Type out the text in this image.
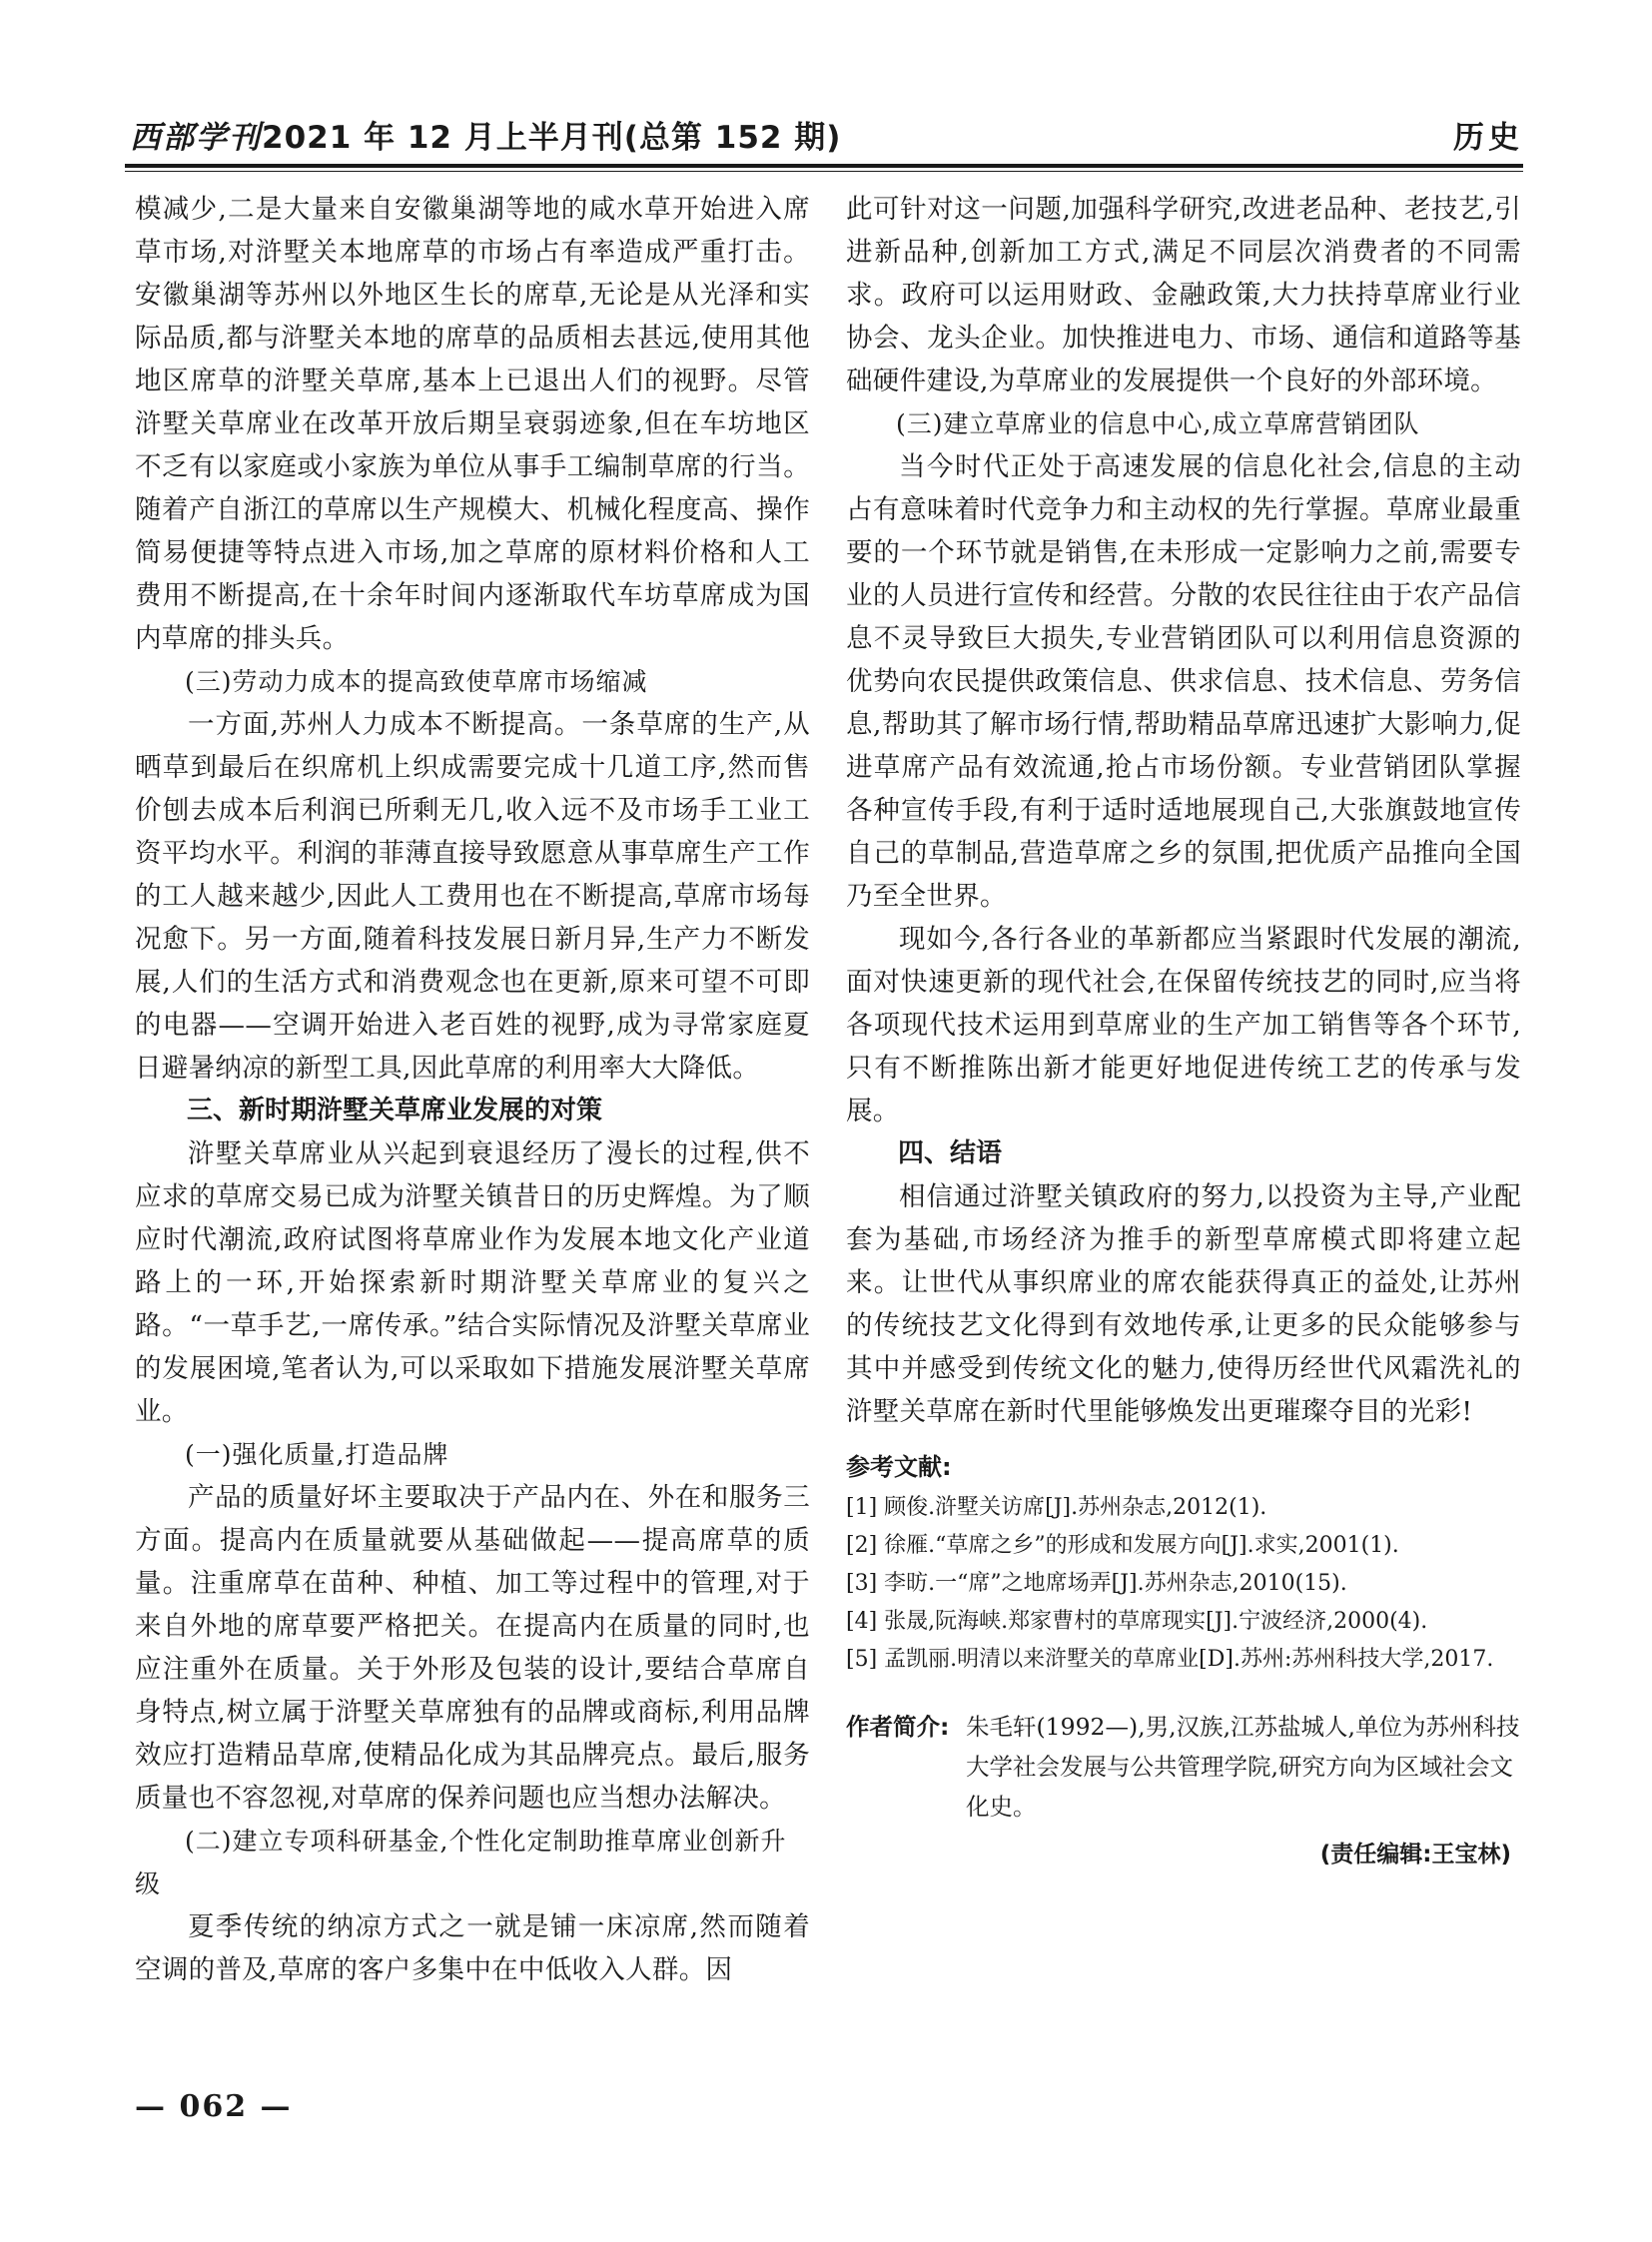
西部学刊2021 年 12 月上半月刊(总第 152 期)	历史

模减少,二是大量来自安徽巢湖等地的咸水草开始进入席草市场,对浒墅关本地席草的市场占有率造成严重打击。安徽巢湖等苏州以外地区生长的席草,无论是从光泽和实际品质,都与浒墅关本地的席草的品质相去甚远,使用其他地区席草的浒墅关草席,基本上已退出人们的视野。尽管浒墅关草席业在改革开放后期呈衰弱迹象,但在车坊地区不乏有以家庭或小家族为单位从事手工编制草席的行当。随着产自浙江的草席以生产规模大、机械化程度高、操作简易便捷等特点进入市场,加之草席的原材料价格和人工费用不断提高,在十余年时间内逐渐取代车坊草席成为国内草席的排头兵。

(三)劳动力成本的提高致使草席市场缩减

一方面,苏州人力成本不断提高。一条草席的生产,从晒草到最后在织席机上织成需要完成十几道工序,然而售价刨去成本后利润已所剩无几,收入远不及市场手工业工资平均水平。利润的菲薄直接导致愿意从事草席生产工作的工人越来越少,因此人工费用也在不断提高,草席市场每况愈下。另一方面,随着科技发展日新月异,生产力不断发展,人们的生活方式和消费观念也在更新,原来可望不可即的电器——空调开始进入老百姓的视野,成为寻常家庭夏日避暑纳凉的新型工具,因此草席的利用率大大降低。

三、新时期浒墅关草席业发展的对策

浒墅关草席业从兴起到衰退经历了漫长的过程,供不应求的草席交易已成为浒墅关镇昔日的历史辉煌。为了顺应时代潮流,政府试图将草席业作为发展本地文化产业道路上的一环,开始探索新时期浒墅关草席业的复兴之路。“一草手艺,一席传承。”结合实际情况及浒墅关草席业的发展困境,笔者认为,可以采取如下措施发展浒墅关草席业。

(一)强化质量,打造品牌

产品的质量好坏主要取决于产品内在、外在和服务三方面。提高内在质量就要从基础做起——提高席草的质量。注重席草在苗种、种植、加工等过程中的管理,对于来自外地的席草要严格把关。在提高内在质量的同时,也应注重外在质量。关于外形及包装的设计,要结合草席自身特点,树立属于浒墅关草席独有的品牌或商标,利用品牌效应打造精品草席,使精品化成为其品牌亮点。最后,服务质量也不容忽视,对草席的保养问题也应当想办法解决。

(二)建立专项科研基金,个性化定制助推草席业创新升级

夏季传统的纳凉方式之一就是铺一床凉席,然而随着空调的普及,草席的客户多集中在中低收入人群。因

此可针对这一问题,加强科学研究,改进老品种、老技艺,引进新品种,创新加工方式,满足不同层次消费者的不同需求。政府可以运用财政、金融政策,大力扶持草席业行业协会、龙头企业。加快推进电力、市场、通信和道路等基础硬件建设,为草席业的发展提供一个良好的外部环境。

(三)建立草席业的信息中心,成立草席营销团队

当今时代正处于高速发展的信息化社会,信息的主动占有意味着时代竞争力和主动权的先行掌握。草席业最重要的一个环节就是销售,在未形成一定影响力之前,需要专业的人员进行宣传和经营。分散的农民往往由于农产品信息不灵导致巨大损失,专业营销团队可以利用信息资源的优势向农民提供政策信息、供求信息、技术信息、劳务信息,帮助其了解市场行情,帮助精品草席迅速扩大影响力,促进草席产品有效流通,抢占市场份额。专业营销团队掌握各种宣传手段,有利于适时适地展现自己,大张旗鼓地宣传自己的草制品,营造草席之乡的氛围,把优质产品推向全国乃至全世界。

现如今,各行各业的革新都应当紧跟时代发展的潮流,面对快速更新的现代社会,在保留传统技艺的同时,应当将各项现代技术运用到草席业的生产加工销售等各个环节,只有不断推陈出新才能更好地促进传统工艺的传承与发展。

四、结语

相信通过浒墅关镇政府的努力,以投资为主导,产业配套为基础,市场经济为推手的新型草席模式即将建立起来。让世代从事织席业的席农能获得真正的益处,让苏州的传统技艺文化得到有效地传承,让更多的民众能够参与其中并感受到传统文化的魅力,使得历经世代风霜洗礼的浒墅关草席在新时代里能够焕发出更璀璨夺目的光彩!

参考文献:

[1] 顾俊.浒墅关访席[J].苏州杂志,2012(1).

[2] 徐雁.“草席之乡”的形成和发展方向[J].求实,2001(1).

[3] 李昉.一“席”之地席场弄[J].苏州杂志,2010(15).

[4] 张晟,阮海峡.郑家曹村的草席现实[J].宁波经济,2000(4).

[5] 孟凯丽.明清以来浒墅关的草席业[D].苏州:苏州科技大学,2017.

作者简介: 朱毛轩(1992—),男,汉族,江苏盐城人,单位为苏州科技大学社会发展与公共管理学院,研究方向为区域社会文化史。
(责任编辑:王宝林)
— 062 —
